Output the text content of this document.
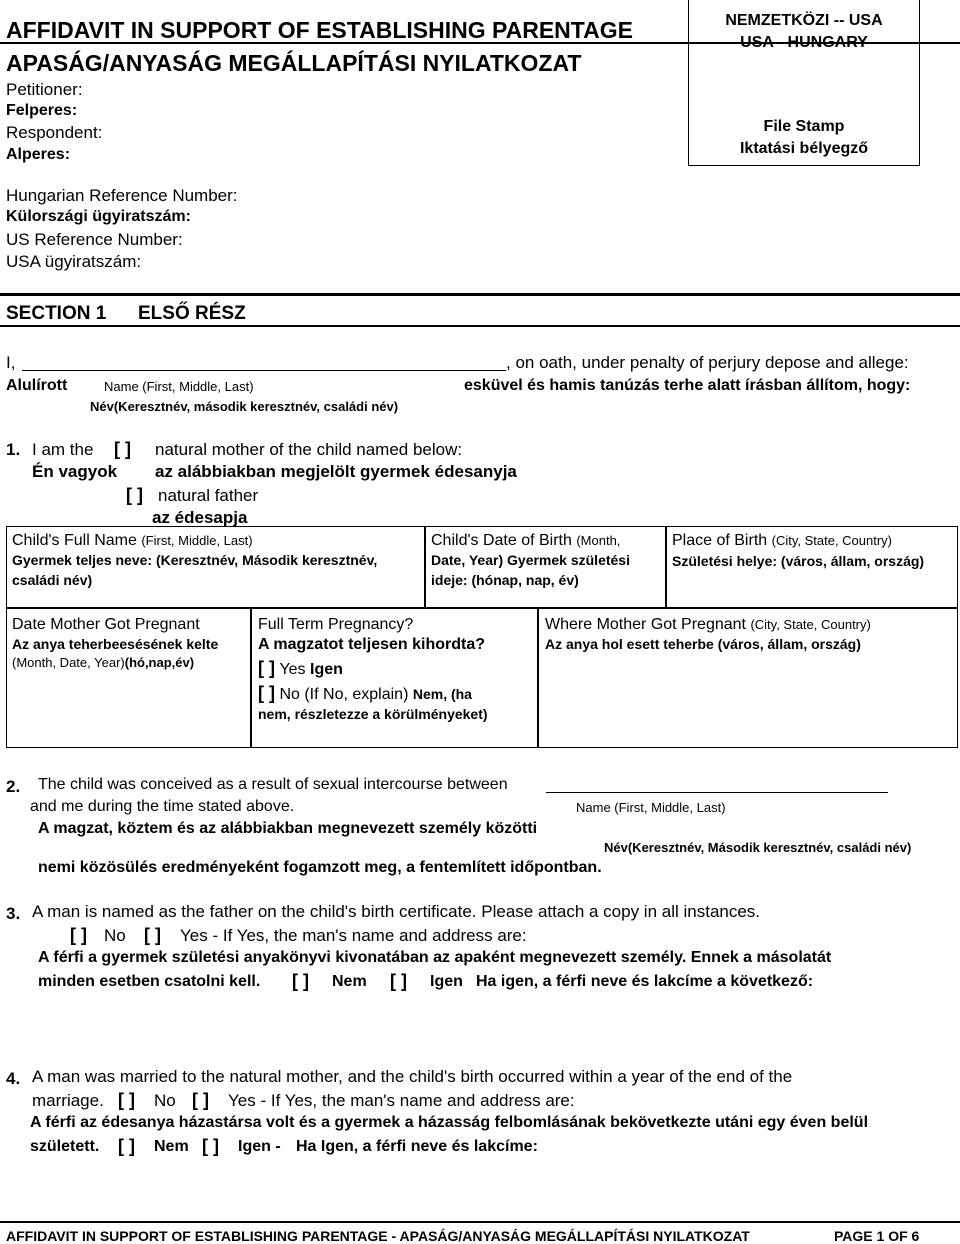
AFFIDAVIT IN SUPPORT OF ESTABLISHING PARENTAGE
APASÁG/ANYASÁG MEGÁLLAPÍTÁSI NYILATKOZAT
Petitioner:
Felperes:
Respondent:
Alperes:
NEMZETKÖZI -- USA
USA - HUNGARY
File Stamp
Iktatási bélyegző
Hungarian Reference Number:
Külországi ügyiratszám:
US Reference Number:
USA ügyiratszám:
SECTION 1 ELSŐ RÉSZ
I,	, on oath, under penalty of perjury depose and allege:
Alulírott	Name (First, Middle, Last)	esküvel és hamis tanúzás terhe alatt írásban állítom, hogy:
Név(Keresztnév, második keresztnév, családi név)
1. I am the [ ] natural mother of the child named below:
Én vagyok az alábbiakban megjelölt gyermek édesanyja
[ ] natural father
az édesapja
Child's Full Name (First, Middle, Last)
Gyermek teljes neve: (Keresztnév, Második keresztnév, családi név)
Child's Date of Birth (Month,
Date, Year) Gyermek születési ideje: (hónap, nap, év)
Place of Birth (City, State, Country)
Születési helye: (város, állam, ország)
Date Mother Got Pregnant
Az anya teherbeesésének kelte
(Month, Date, Year)(hó,nap,év)
Full Term Pregnancy?
A magzatot teljesen kihordta?
[ ] Yes Igen
[ ] No (If No, explain) Nem, (ha
nem, részletezze a körülményeket)
Where Mother Got Pregnant (City, State, Country)
Az anya hol esett teherbe (város, állam, ország)
2. The child was conceived as a result of sexual intercourse between
and me during the time stated above.	Name (First, Middle, Last)
A magzat, köztem és az alábbiakban megnevezett személy közötti
Név(Keresztnév, Második keresztnév, családi név)
nemi közösülés eredményeként fogamzott meg, a fentemlített időpontban.
3. A man is named as the father on the child's birth certificate. Please attach a copy in all instances.
[ ] No [ ] Yes - If Yes, the man's name and address are:
A férfi a gyermek születési anyakönyvi kivonatában az apaként megnevezett személy. Ennek a másolatát
minden esetben csatolni kell. [ ] Nem [ ] Igen Ha igen, a férfi neve és lakcíme a következő:
4. A man was married to the natural mother, and the child's birth occurred within a year of the end of the
marriage. [ ] No [ ] Yes - If Yes, the man's name and address are:
A férfi az édesanya házastársa volt és a gyermek a házasság felbomlásának bekövetkezte utáni egy éven belül
született. [ ] Nem [ ] Igen - Ha Igen, a férfi neve és lakcíme:
AFFIDAVIT IN SUPPORT OF ESTABLISHING PARENTAGE - APASÁG/ANYASÁG MEGÁLLAPÍTÁSI NYILATKOZAT	PAGE 1 OF 6
